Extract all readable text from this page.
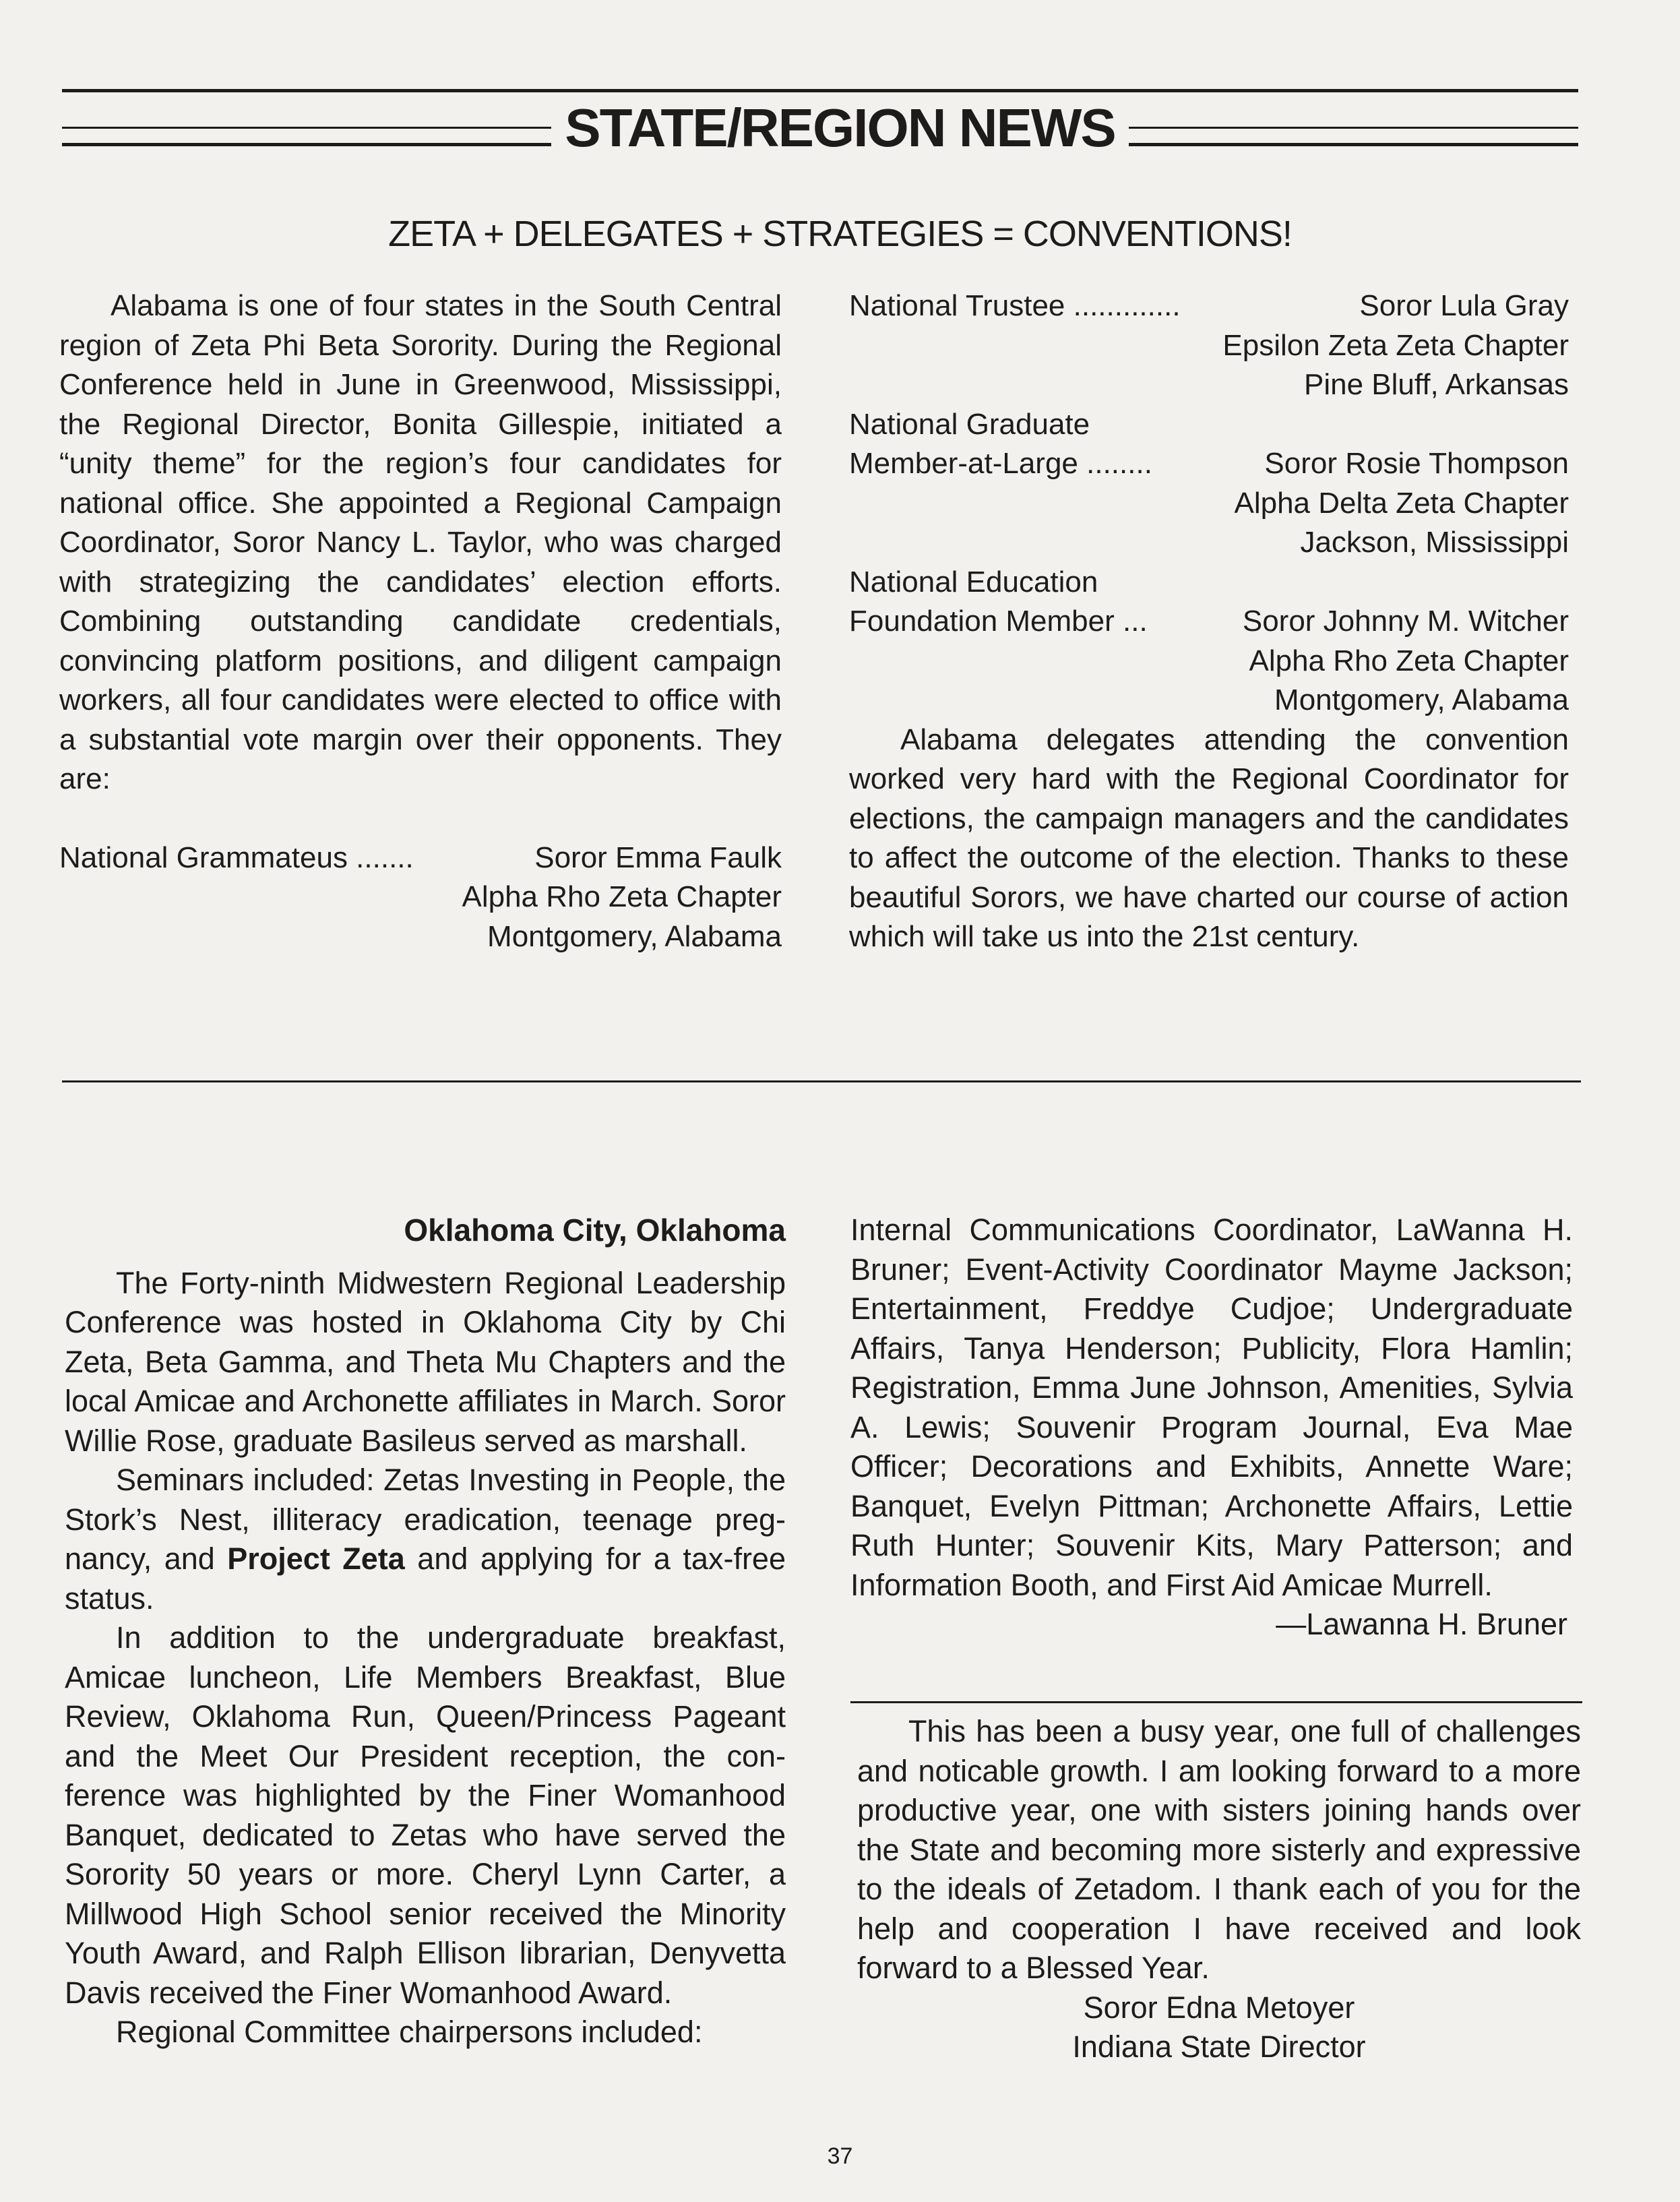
STATE/REGION NEWS
ZETA + DELEGATES + STRATEGIES = CONVENTIONS!

Alabama is one of four states in the South Central region of Zeta Phi Beta Sorority. During the Regional Conference held in June in Greenwood, Mississippi, the Regional Director, Bonita Gillespie, initiated a “unity theme” for the region’s four candidates for national office. She appointed a Regional Campaign Coordinator, Soror Nancy L. Taylor, who was charged with strategizing the candidates’ election efforts. Combining outstanding candidate credentials, convincing platform positions, and diligent campaign workers, all four candidates were elected to office with a substantial vote margin over their opponents. They are:

National Grammateus .......	Soror Emma Faulk
Alpha Rho Zeta Chapter
Montgomery, Alabama
National Trustee .............	Soror Lula Gray
Epsilon Zeta Zeta Chapter
Pine Bluff, Arkansas
National Graduate
Member-at-Large ........	Soror Rosie Thompson
Alpha Delta Zeta Chapter
Jackson, Mississippi
National Education
Foundation Member ...	Soror Johnny M. Witcher
Alpha Rho Zeta Chapter
Montgomery, Alabama

Alabama delegates attending the convention worked very hard with the Regional Coordinator for elections, the campaign managers and the candidates to affect the outcome of the election. Thanks to these beautiful Sorors, we have charted our course of action which will take us into the 21st century.

Oklahoma City, Oklahoma

The Forty-ninth Midwestern Regional Leadership Conference was hosted in Oklahoma City by Chi Zeta, Beta Gamma, and Theta Mu Chapters and the local Amicae and Archonette affiliates in March. Soror Willie Rose, graduate Basileus served as marshall.

Seminars included: Zetas Investing in People, the Stork’s Nest, illiteracy eradication, teenage preg-nancy, and Project Zeta and applying for a tax-free status.

In addition to the undergraduate breakfast, Amicae luncheon, Life Members Breakfast, Blue Review, Oklahoma Run, Queen/Princess Pageant and the Meet Our President reception, the con-ference was highlighted by the Finer Womanhood Banquet, dedicated to Zetas who have served the Sorority 50 years or more. Cheryl Lynn Carter, a Millwood High School senior received the Minority Youth Award, and Ralph Ellison librarian, Denyvetta Davis received the Finer Womanhood Award.

Regional Committee chairpersons included:

Internal Communications Coordinator, LaWanna H. Bruner; Event-Activity Coordinator Mayme Jackson; Entertainment, Freddye Cudjoe; Undergraduate Affairs, Tanya Henderson; Publicity, Flora Hamlin; Registration, Emma June Johnson, Amenities, Sylvia A. Lewis; Souvenir Program Journal, Eva Mae Officer; Decorations and Exhibits, Annette Ware; Banquet, Evelyn Pittman; Archonette Affairs, Lettie Ruth Hunter; Souvenir Kits, Mary Patterson; and Information Booth, and First Aid Amicae Murrell.

—Lawanna H. Bruner

This has been a busy year, one full of challenges and noticable growth. I am looking forward to a more productive year, one with sisters joining hands over the State and becoming more sisterly and expressive to the ideals of Zetadom. I thank each of you for the help and cooperation I have received and look forward to a Blessed Year.

Soror Edna Metoyer
Indiana State Director
37
